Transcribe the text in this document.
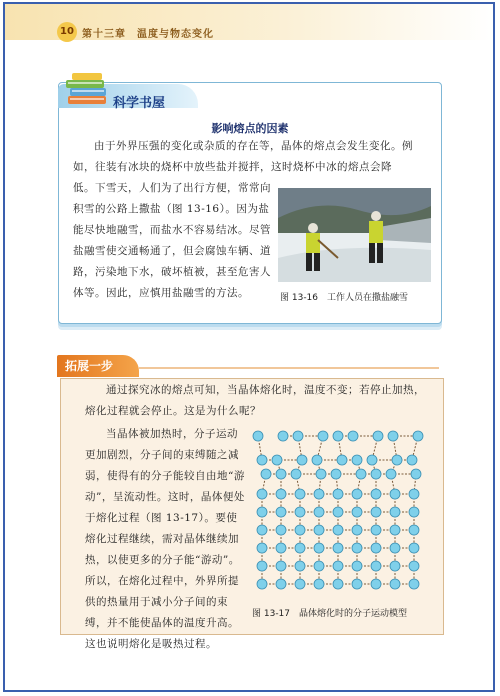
10 第十三章　温度与物态变化
科学书屋
影响熔点的因素
由于外界压强的变化或杂质的存在等，晶体的熔点会发生变化。例如，往装有冰块的烧杯中放些盐并搅拌，这时烧杯中冰的熔点会降
低。下雪天，人们为了出行方便，常常向积雪的公路上撒盐（图 13-16）。因为盐能尽快地融雪，而盐水不容易结冰。尽管盐融雪使交通畅通了，但会腐蚀车辆、道路，污染地下水，破坏植被，甚至危害人体等。因此，应慎用盐融雪的方法。	图 13-16　工作人员在撒盐融雪
拓展一步
通过探究冰的熔点可知，当晶体熔化时，温度不变；若停止加热，熔化过程就会停止。这是为什么呢？
当晶体被加热时，分子运动更加剧烈，分子间的束缚随之减弱，使得有的分子能较自由地“游动”，呈流动性。这时，晶体便处于熔化过程（图 13-17）。要使熔化过程继续，需对晶体继续加热，以使更多的分子能“游动”。所以，在熔化过程中，外界所提供的热量用于减小分子间的束缚，并不能使晶体的温度升高。这也说明熔化是吸热过程。
图 13-17　晶体熔化时的分子运动模型
